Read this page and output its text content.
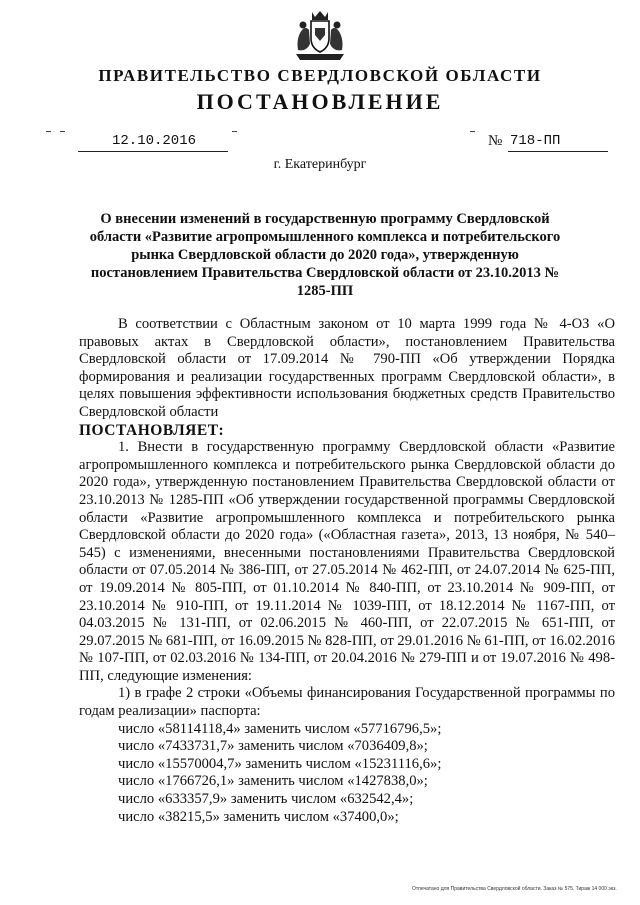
ПРАВИТЕЛЬСТВО СВЕРДЛОВСКОЙ ОБЛАСТИ
ПОСТАНОВЛЕНИЕ
12.10.2016	№ 718-ПП
г. Екатеринбург
О внесении изменений в государственную программу Свердловской области «Развитие агропромышленного комплекса и потребительского рынка Свердловской области до 2020 года», утвержденную постановлением Правительства Свердловской области от 23.10.2013 № 1285-ПП

В соответствии с Областным законом от 10 марта 1999 года № 4-ОЗ «О правовых актах в Свердловской области», постановлением Правительства Свердловской области от 17.09.2014 № 790-ПП «Об утверждении Порядка формирования и реализации государственных программ Свердловской области», в целях повышения эффективности использования бюджетных средств Правительство Свердловской области

ПОСТАНОВЛЯЕТ:

1. Внести в государственную программу Свердловской области «Развитие агропромышленного комплекса и потребительского рынка Свердловской области до 2020 года», утвержденную постановлением Правительства Свердловской области от 23.10.2013 № 1285-ПП «Об утверждении государственной программы Свердловской области «Развитие агропромышленного комплекса и потребительского рынка Свердловской области до 2020 года» («Областная газета», 2013, 13 ноября, № 540–545) с изменениями, внесенными постановлениями Правительства Свердловской области от 07.05.2014 № 386-ПП, от 27.05.2014 № 462-ПП, от 24.07.2014 № 625-ПП, от 19.09.2014 № 805-ПП, от 01.10.2014 № 840-ПП, от 23.10.2014 № 909-ПП, от 23.10.2014 № 910-ПП, от 19.11.2014 № 1039-ПП, от 18.12.2014 № 1167-ПП, от 04.03.2015 № 131-ПП, от 02.06.2015 № 460-ПП, от 22.07.2015 № 651-ПП, от 29.07.2015 № 681-ПП, от 16.09.2015 № 828-ПП, от 29.01.2016 № 61-ПП, от 16.02.2016 № 107-ПП, от 02.03.2016 № 134-ПП, от 20.04.2016 № 279-ПП и от 19.07.2016 № 498-ПП, следующие изменения:

1) в графе 2 строки «Объемы финансирования Государственной программы по годам реализации» паспорта:

число «58114118,4» заменить числом «57716796,5»;

число «7433731,7» заменить числом «7036409,8»;

число «15570004,7» заменить числом «15231116,6»;

число «1766726,1» заменить числом «1427838,0»;

число «633357,9» заменить числом «632542,4»;

число «38215,5» заменить числом «37400,0»;

Отпечатано для Правительства Свердловской области. Заказ № 575. Тираж 14 000 экз.
